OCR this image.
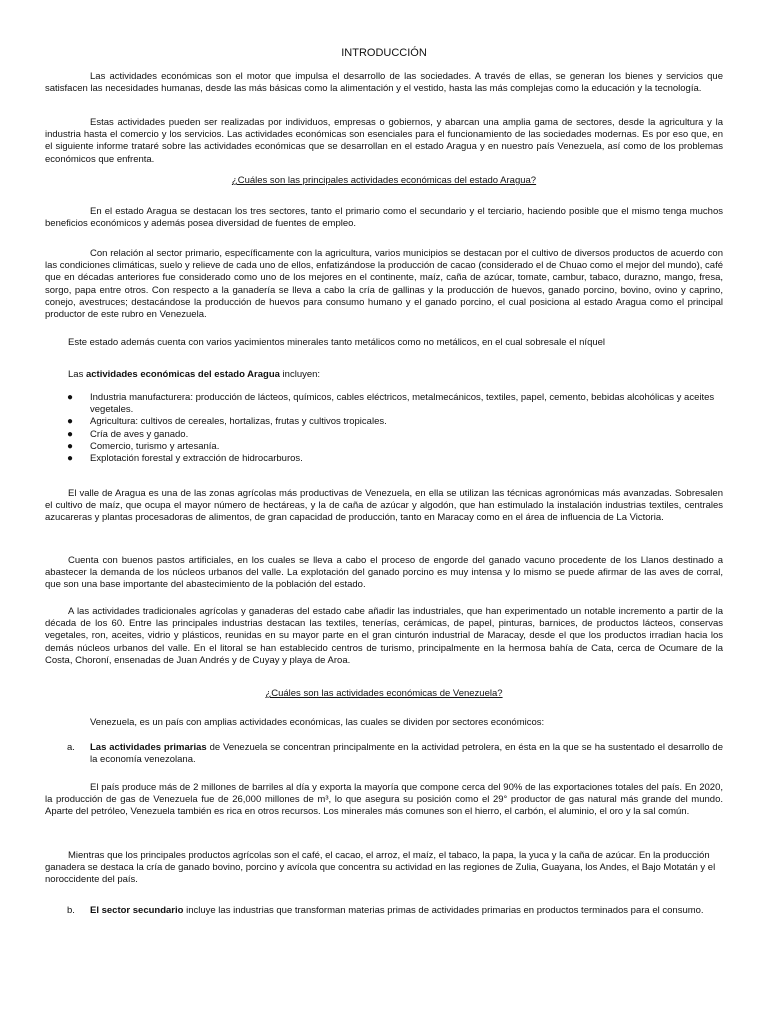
INTRODUCCIÓN

Las actividades económicas son el motor que impulsa el desarrollo de las sociedades. A través de ellas, se generan los bienes y servicios que satisfacen las necesidades humanas, desde las más básicas como la alimentación y el vestido, hasta las más complejas como la educación y la tecnología.

Estas actividades pueden ser realizadas por individuos, empresas o gobiernos, y abarcan una amplia gama de sectores, desde la agricultura y la industria hasta el comercio y los servicios. Las actividades económicas son esenciales para el funcionamiento de las sociedades modernas. Es por eso que, en el siguiente informe trataré sobre las actividades económicas que se desarrollan en el estado Aragua y en nuestro país Venezuela, así como de los problemas económicos que enfrenta.

¿Cuáles son las principales actividades económicas del estado Aragua?

En el estado Aragua se destacan los tres sectores, tanto el primario como el secundario y el terciario, haciendo posible que el mismo tenga muchos beneficios económicos y además posea diversidad de fuentes de empleo.

Con relación al sector primario, específicamente con la agricultura, varios municipios se destacan por el cultivo de diversos productos de acuerdo con las condiciones climáticas, suelo y relieve de cada uno de ellos, enfatizándose la producción de cacao (considerado el de Chuao como el mejor del mundo), café que en décadas anteriores fue considerado como uno de los mejores en el continente, maíz, caña de azúcar, tomate, cambur, tabaco, durazno, mango, fresa, sorgo, papa entre otros. Con respecto a la ganadería se lleva a cabo la cría de gallinas y la producción de huevos, ganado porcino, bovino, ovino y caprino, conejo, avestruces; destacándose la producción de huevos para consumo humano y el ganado porcino, el cual posiciona al estado Aragua como el principal productor de este rubro en Venezuela.

Este estado además cuenta con varios yacimientos minerales tanto metálicos como no metálicos, en el cual sobresale el níquel

Las actividades económicas del estado Aragua incluyen:

● Industria manufacturera: producción de lácteos, químicos, cables eléctricos, metalmecánicos, textiles, papel, cemento, bebidas alcohólicas y aceites vegetales.
● Agricultura: cultivos de cereales, hortalizas, frutas y cultivos tropicales.
● Cría de aves y ganado.
● Comercio, turismo y artesanía.
● Explotación forestal y extracción de hidrocarburos.

El valle de Aragua es una de las zonas agrícolas más productivas de Venezuela, en ella se utilizan las técnicas agronómicas más avanzadas. Sobresalen el cultivo de maíz, que ocupa el mayor número de hectáreas, y la de caña de azúcar y algodón, que han estimulado la instalación industrias textiles, centrales azucareras y plantas procesadoras de alimentos, de gran capacidad de producción, tanto en Maracay como en el área de influencia de La Victoria.

Cuenta con buenos pastos artificiales, en los cuales se lleva a cabo el proceso de engorde del ganado vacuno procedente de los Llanos destinado a abastecer la demanda de los núcleos urbanos del valle. La explotación del ganado porcino es muy intensa y lo mismo se puede afirmar de las aves de corral, que son una base importante del abastecimiento de la población del estado.

A las actividades tradicionales agrícolas y ganaderas del estado cabe añadir las industriales, que han experimentado un notable incremento a partir de la década de los 60. Entre las principales industrias destacan las textiles, tenerías, cerámicas, de papel, pinturas, barnices, de productos lácteos, conservas vegetales, ron, aceites, vidrio y plásticos, reunidas en su mayor parte en el gran cinturón industrial de Maracay, desde el que los productos irradian hacia los demás núcleos urbanos del valle. En el litoral se han establecido centros de turismo, principalmente en la hermosa bahía de Cata, cerca de Ocumare de la Costa, Choroní, ensenadas de Juan Andrés y de Cuyay y playa de Aroa.

¿Cuáles son las actividades económicas de Venezuela?

Venezuela, es un país con amplias actividades económicas, las cuales se dividen por sectores económicos:

a.	Las actividades primarias de Venezuela se concentran principalmente en la actividad petrolera, en ésta en la que se ha sustentado el desarrollo de la economía venezolana.

El país produce más de 2 millones de barriles al día y exporta la mayoría que compone cerca del 90% de las exportaciones totales del país. En 2020, la producción de gas de Venezuela fue de 26,000 millones de m³, lo que asegura su posición como el 29° productor de gas natural más grande del mundo. Aparte del petróleo, Venezuela también es rica en otros recursos. Los minerales más comunes son el hierro, el carbón, el aluminio, el oro y la sal común.

Mientras que los principales productos agrícolas son el café, el cacao, el arroz, el maíz, el tabaco, la papa, la yuca y la caña de azúcar. En la producción ganadera se destaca la cría de ganado bovino, porcino y avícola que concentra su actividad en las regiones de Zulia, Guayana, los Andes, el Bajo Motatán y el noroccidente del país.

b.	El sector secundario incluye las industrias que transforman materias primas de actividades primarias en productos terminados para el consumo.
